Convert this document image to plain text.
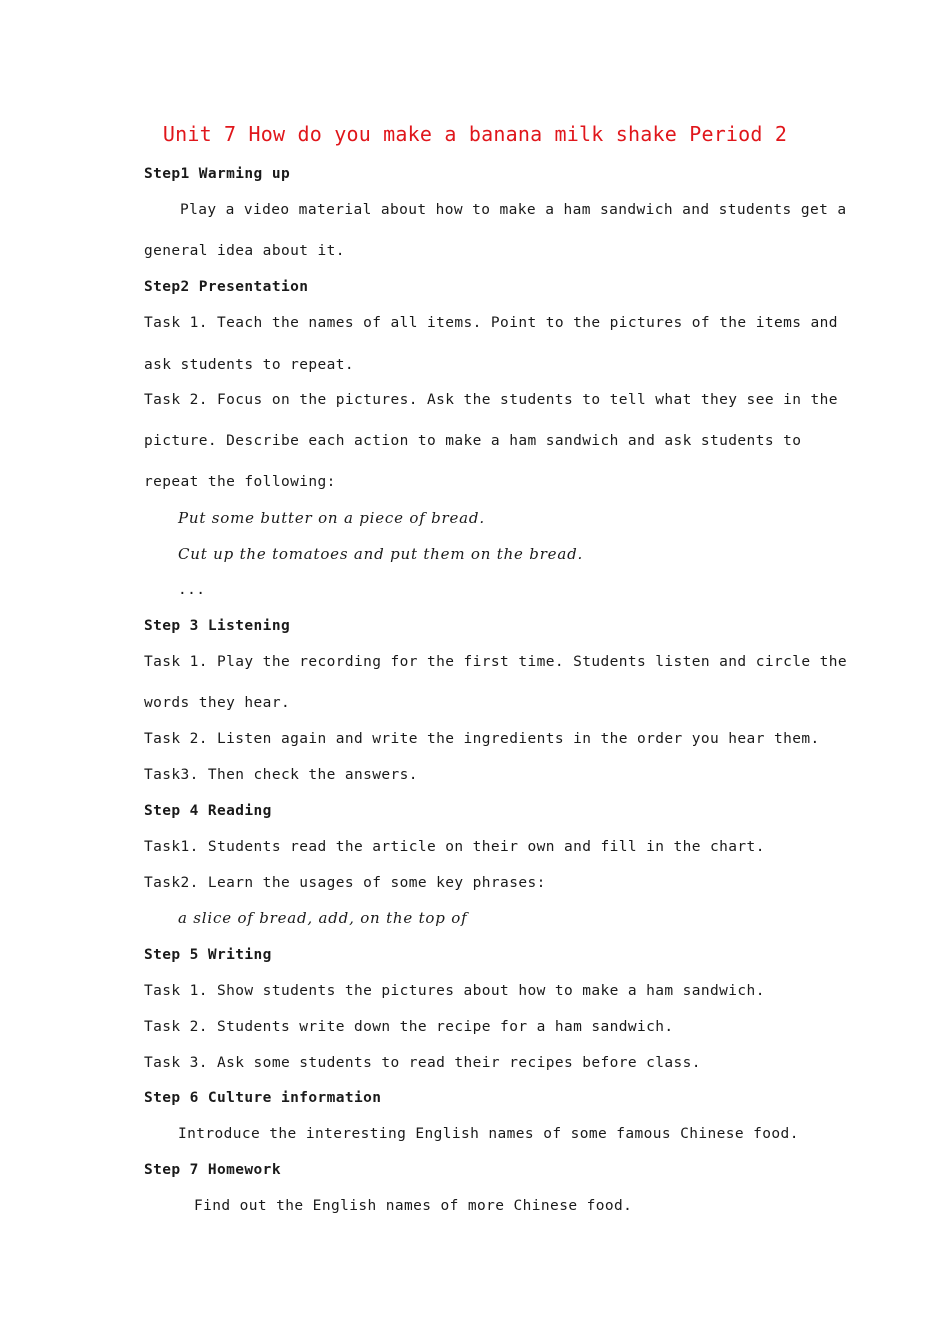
Unit 7 How do you make a banana milk shake Period 2
Step1 Warming up
Play a video material about how to make a ham sandwich and students get a
general idea about it.
Step2 Presentation
Task 1. Teach the names of all items. Point to the pictures of the items and
ask students to repeat.
Task 2. Focus on the pictures. Ask the students to tell what they see in the
picture. Describe each action to make a ham sandwich and ask students to
repeat the following:
Put some butter on a piece of bread.
Cut up the tomatoes and put them on the bread.
...
Step 3 Listening
Task 1. Play the recording for the first time. Students listen and circle the
words they hear.
Task 2. Listen again and write the ingredients in the order you hear them.
Task3. Then check the answers.
Step 4 Reading
Task1. Students read the article on their own and fill in the chart.
Task2. Learn the usages of some key phrases:
a slice of bread, add, on the top of
Step 5 Writing
Task 1. Show students the pictures about how to make a ham sandwich.
Task 2. Students write down the recipe for a ham sandwich.
Task 3. Ask some students to read their recipes before class.
Step 6 Culture information
Introduce the interesting English names of some famous Chinese food.
Step 7 Homework
Find out the English names of more Chinese food.
